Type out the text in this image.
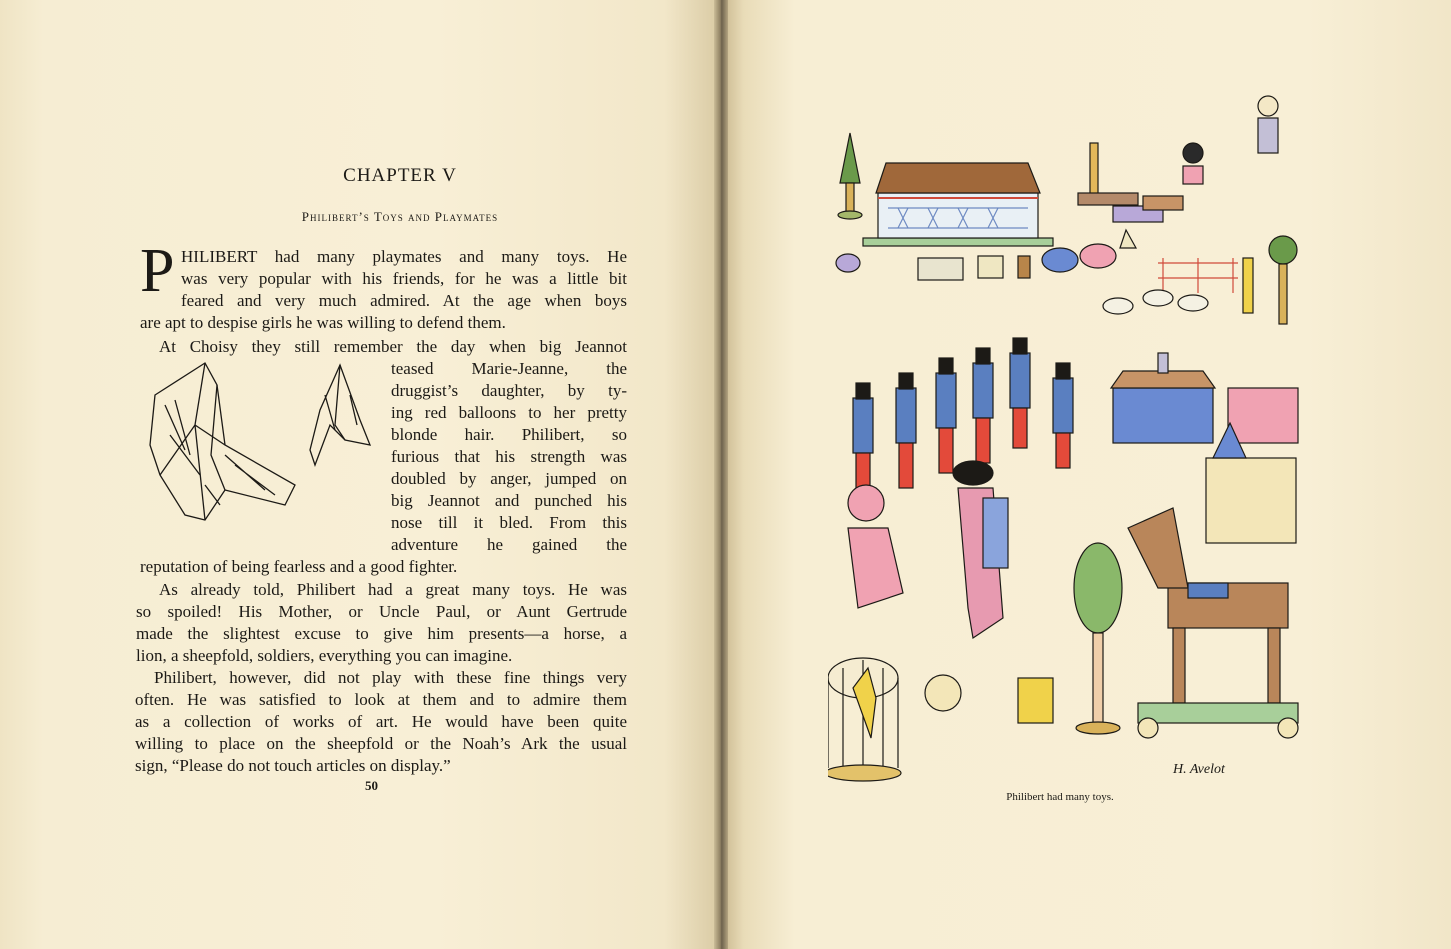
CHAPTER V
Philibert’s Toys and Playmates
P HILIBERT had many playmates and many toys. He
was very popular with his friends, for he was a little bit
feared and very much admired. At the age when boys
are apt to despise girls he was willing to defend them.
At Choisy they still remember the day when big Jeannot
teased Marie-Jeanne, the
druggist’s daughter, by ty-
ing red balloons to her pretty
blonde hair. Philibert, so
furious that his strength was
doubled by anger, jumped on
big Jeannot and punched his
nose till it bled. From this
adventure he gained the
reputation of being fearless and a good fighter.
As already told, Philibert had a great many toys. He was
so spoiled! His Mother, or Uncle Paul, or Aunt Gertrude
made the slightest excuse to give him presents—a horse, a
lion, a sheepfold, soldiers, everything you can imagine.
Philibert, however, did not play with these fine things very
often. He was satisfied to look at them and to admire them
as a collection of works of art. He would have been quite
willing to place on the sheepfold or the Noah’s Ark the usual
sign, “Please do not touch articles on display.”
50
H. Avelot
Philibert had many toys.
